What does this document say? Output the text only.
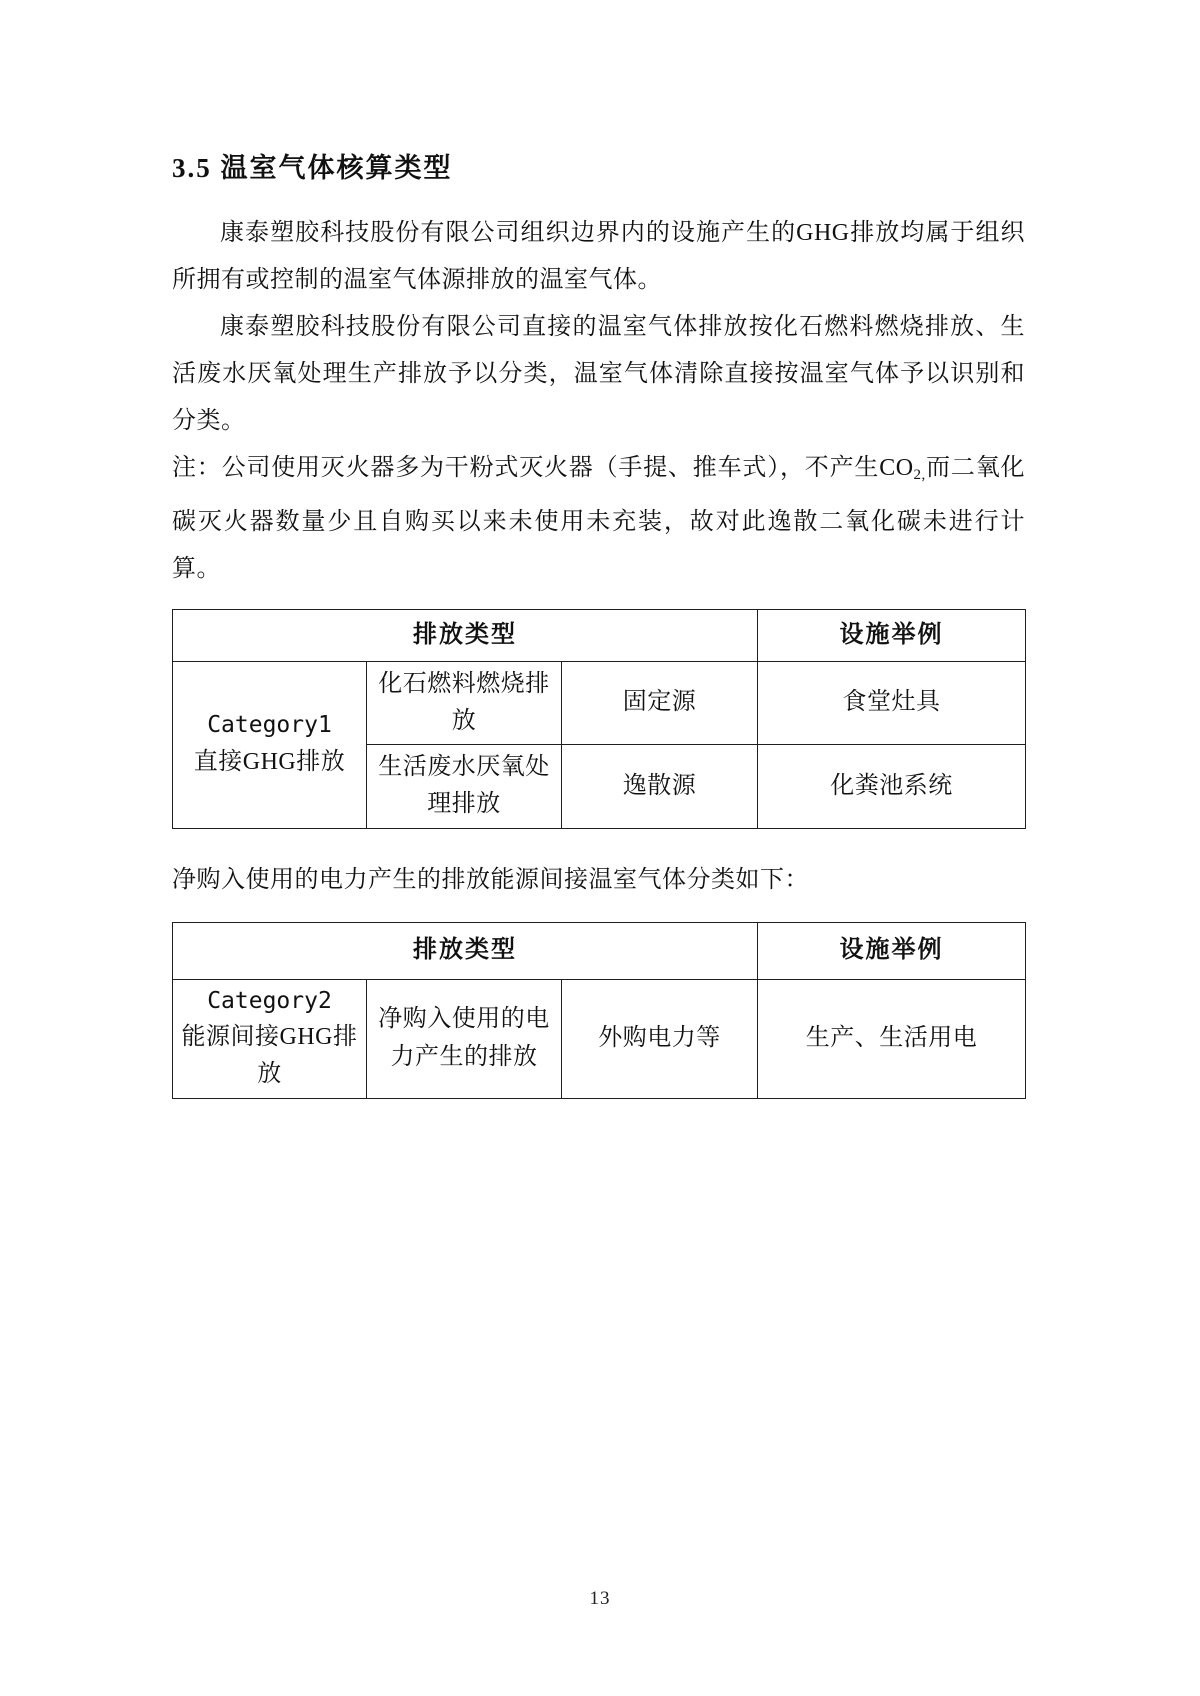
3.5 温室气体核算类型

康泰塑胶科技股份有限公司组织边界内的设施产生的GHG排放均属于组织所拥有或控制的温室气体源排放的温室气体。

康泰塑胶科技股份有限公司直接的温室气体排放按化石燃料燃烧排放、生活废水厌氧处理生产排放予以分类，温室气体清除直接按温室气体予以识别和分类。

注：公司使用灭火器多为干粉式灭火器（手提、推车式），不产生$CO_{2,}$而二氧化碳灭火器数量少且自购买以来未使用未充装，故对此逸散二氧化碳未进行计算。

排放类型			设施举例

Category1
直接GHG排放	化石燃料燃烧排放	固定源	食堂灶具
	生活废水厌氧处理排放	逸散源	化粪池系统

净购入使用的电力产生的排放能源间接温室气体分类如下：

排放类型			设施举例

Category2
能源间接GHG排放	净购入使用的电力产生的排放	外购电力等	生产、生活用电
13
